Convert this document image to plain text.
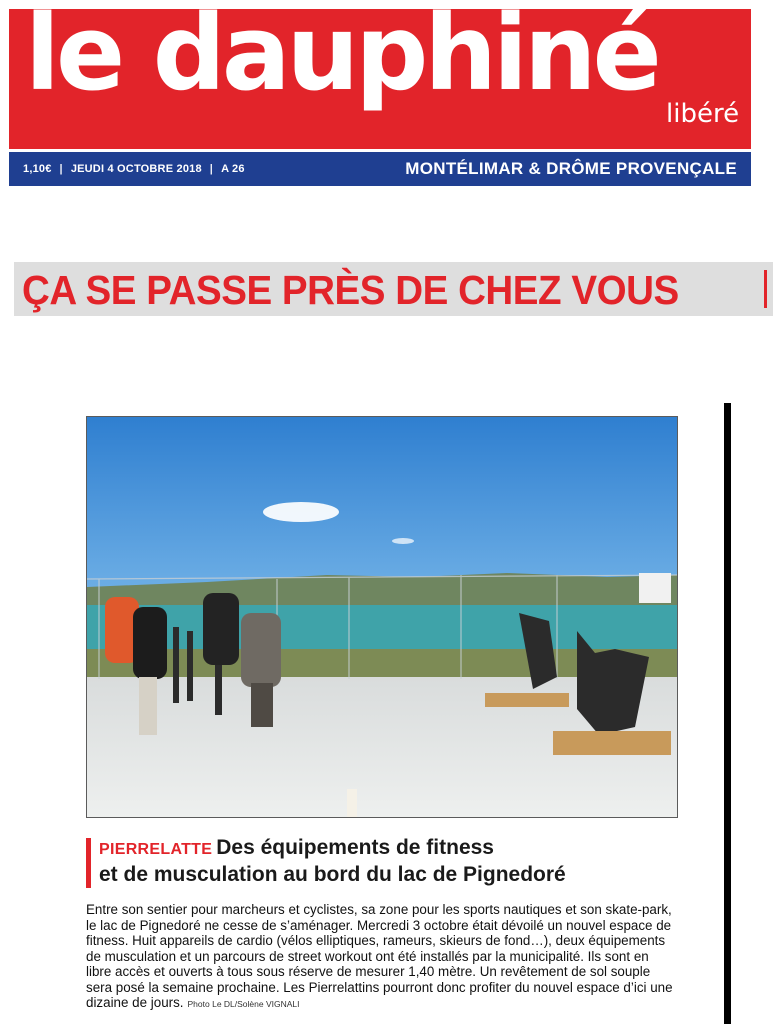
le dauphiné libéré
1,10€ | JEUDI 4 OCTOBRE 2018 | A 26	MONTÉLIMAR & DRÔME PROVENÇALE
ÇA SE PASSE PRÈS DE CHEZ VOUS
PIERRELATTE Des équipements de fitness
et de musculation au bord du lac de Pignedoré
Entre son sentier pour marcheurs et cyclistes, sa zone pour les sports nautiques et son skate-park, le lac de Pignedoré ne cesse de s’aménager. Mercredi 3 octobre était dévoilé un nouvel espace de fitness. Huit appareils de cardio (vélos elliptiques, rameurs, skieurs de fond…), deux équipements de musculation et un parcours de street workout ont été installés par la municipalité. Ils sont en libre accès et ouverts à tous sous réserve de mesurer 1,40 mètre. Un revêtement de sol souple sera posé la semaine prochaine. Les Pierrelattins pourront donc profiter du nouvel espace d’ici une dizaine de jours. Photo Le DL/Solène VIGNALI
